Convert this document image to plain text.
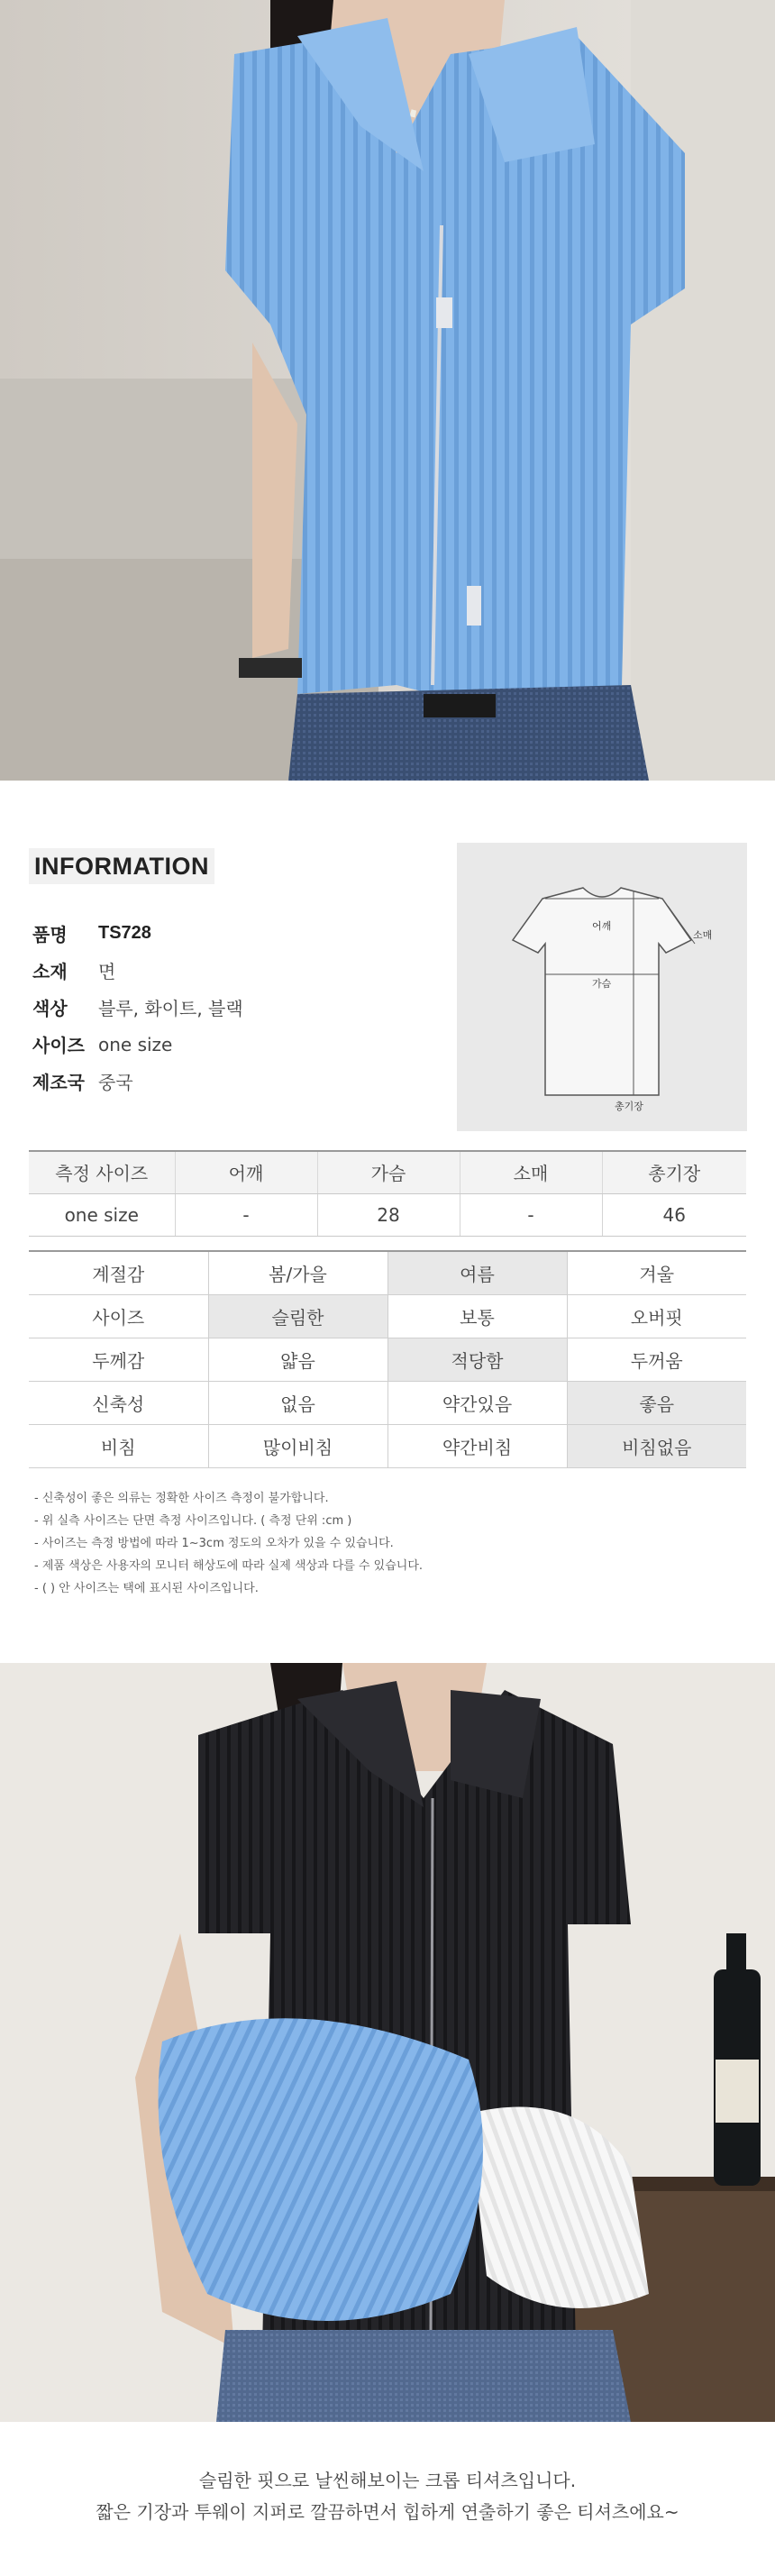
INFORMATION
품명	TS728
소재	면
색상	블루, 화이트, 블랙
사이즈 one size
제조국 중국
어깨
소매
가슴
총기장
측정 사이즈	어깨	가슴	소매	총기장
one size	-	28	-	46
계절감	봄/가을	여름	겨울
사이즈	슬림한	보통	오버핏
두께감	얇음	적당함	두꺼움
신축성	없음	약간있음	좋음
비침	많이비침	약간비침	비침없음
- 신축성이 좋은 의류는 정확한 사이즈 측정이 불가합니다.
- 위 실측 사이즈는 단면 측정 사이즈입니다. ( 측정 단위 :cm )
- 사이즈는 측정 방법에 따라 1~3cm 정도의 오차가 있을 수 있습니다.
- 제품 색상은 사용자의 모니터 해상도에 따라 실제 색상과 다를 수 있습니다.
- ( ) 안 사이즈는 택에 표시된 사이즈입니다.
슬림한 핏으로 날씬해보이는 크롭 티셔츠입니다.
짧은 기장과 투웨이 지퍼로 깔끔하면서 힙하게 연출하기 좋은 티셔츠에요~
